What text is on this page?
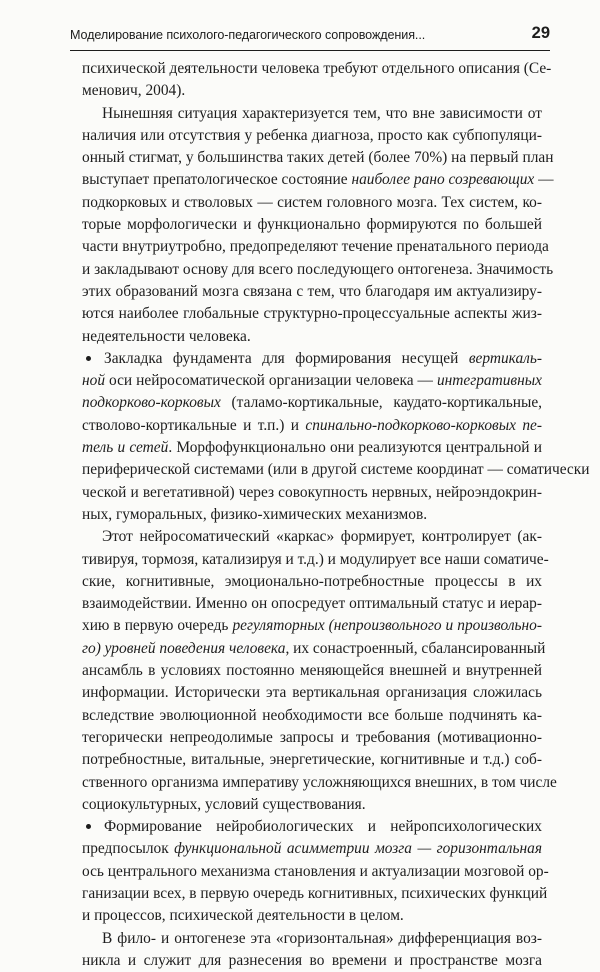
Моделирование психолого-педагогического сопровождения...	29
психической деятельности человека требуют отдельного описания (Се-
менович, 2004).
Нынешняя ситуация характеризуется тем, что вне зависимости от
наличия или отсутствия у ребенка диагноза, просто как субпопуляци-
онный стигмат, у большинства таких детей (более 70%) на первый план
выступает препатологическое состояние наиболее рано созревающих —
подкорковых и стволовых — систем головного мозга. Тех систем, ко-
торые морфологически и функционально формируются по большей
части внутриутробно, предопределяют течение пренатального периода
и закладывают основу для всего последующего онтогенеза. Значимость
этих образований мозга связана с тем, что благодаря им актуализиру-
ются наиболее глобальные структурно-процессуальные аспекты жиз-
недеятельности человека.
Закладка фундамента для формирования несущей вертикаль-
ной оси нейросоматической организации человека — интегративных
подкорково-корковых (таламо-кортикальные, каудато-кортикальные,
стволово-кортикальные и т.п.) и спинально-подкорково-корковых пе-
тель и сетей. Морфофункционально они реализуются центральной и
периферической системами (или в другой системе координат — соматически
ческой и вегетативной) через совокупность нервных, нейроэндокрин-
ных, гуморальных, физико-химических механизмов.
Этот нейросоматический «каркас» формирует, контролирует (ак-
тивируя, тормозя, катализируя и т.д.) и модулирует все наши соматиче-
ские, когнитивные, эмоционально-потребностные процессы в их
взаимодействии. Именно он опосредует оптимальный статус и иерар-
хию в первую очередь регуляторных (непроизвольного и произвольно-
го) уровней поведения человека, их сонастроенный, сбалансированный
ансамбль в условиях постоянно меняющейся внешней и внутренней
информации. Исторически эта вертикальная организация сложилась
вследствие эволюционной необходимости все больше подчинять ка-
тегорически непреодолимые запросы и требования (мотивационно-
потребностные, витальные, энергетические, когнитивные и т.д.) соб-
ственного организма императиву усложняющихся внешних, в том числе
социокультурных, условий существования.
Формирование нейробиологических и нейропсихологических
предпосылок функциональной асимметрии мозга — горизонтальная
ось центрального механизма становления и актуализации мозговой ор-
ганизации всех, в первую очередь когнитивных, психических функций
и процессов, психической деятельности в целом.
В фило- и онтогенезе эта «горизонтальная» дифференциация воз-
никла и служит для разнесения во времени и пространстве мозга
